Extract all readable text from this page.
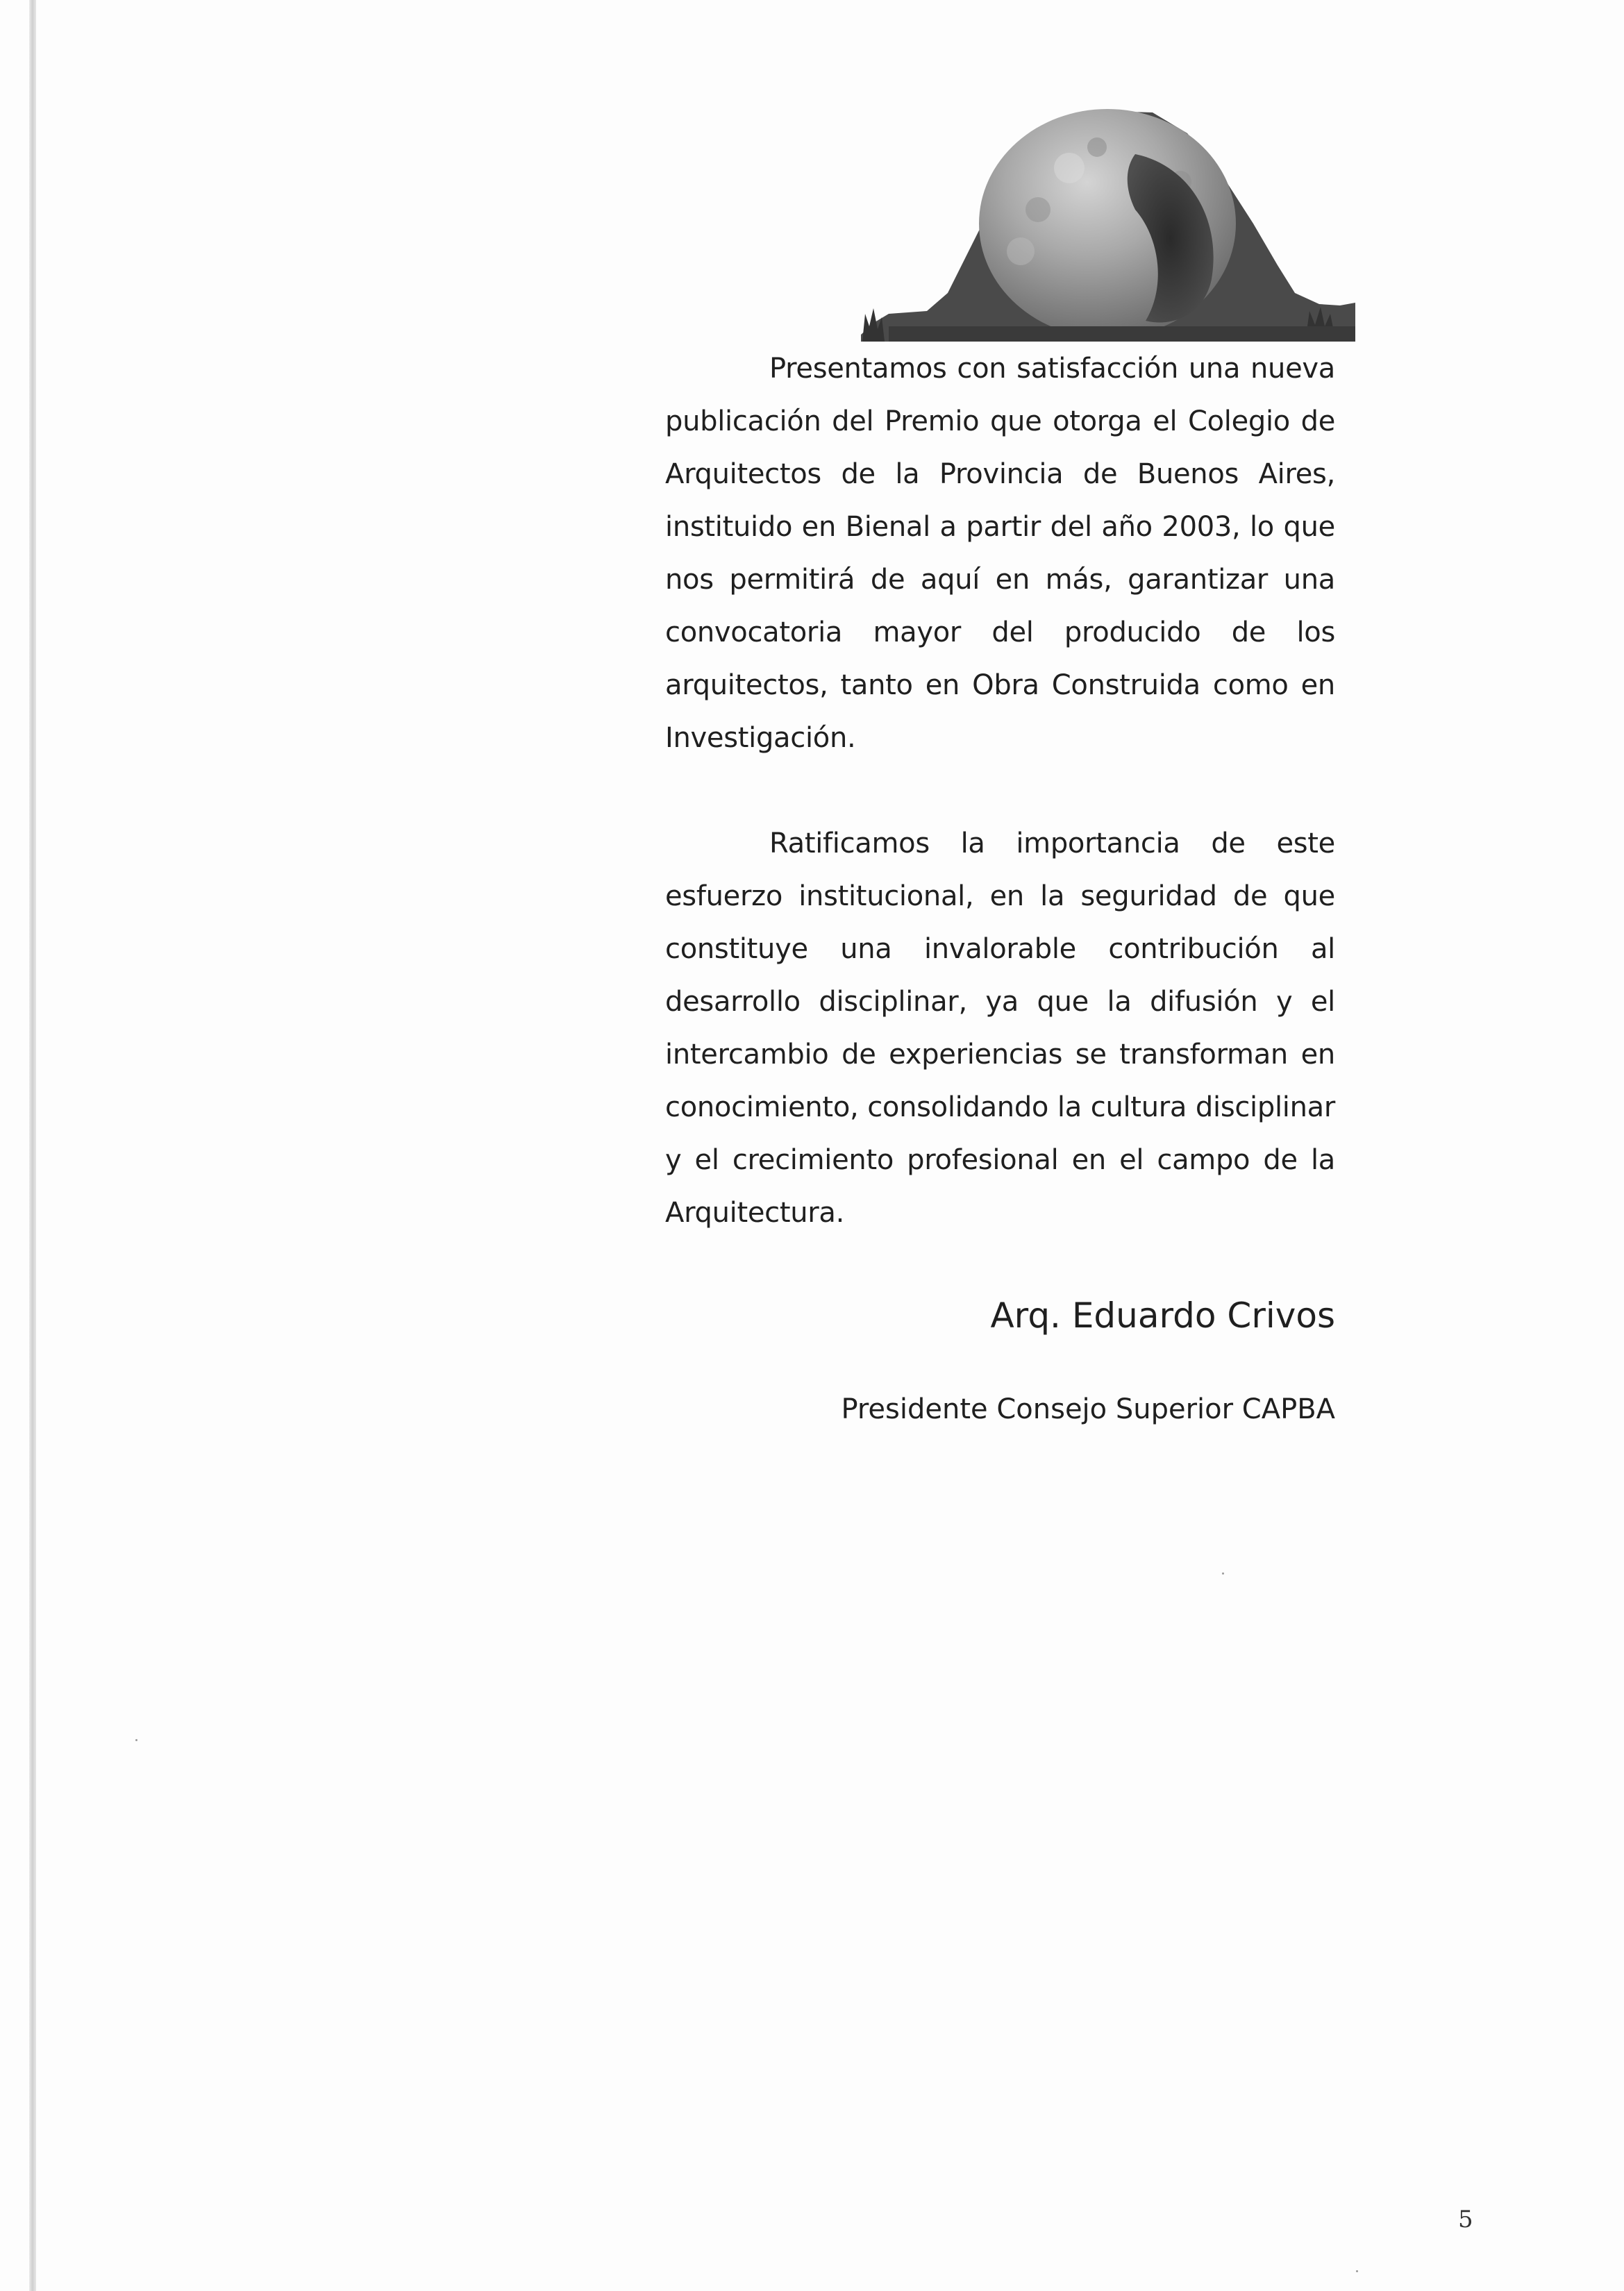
Presentamos con satisfacción una nueva publicación del Premio que otorga el Colegio de Arquitectos de la Provincia de Buenos Aires, instituido en Bienal a partir del año 2003, lo que nos permitirá de aquí en más, garantizar una convocatoria mayor del producido de los arquitectos, tanto en Obra Construida como en Investigación.

Ratificamos la importancia de este esfuerzo institucional, en la seguridad de que constituye una invalorable contribución al desarrollo disciplinar, ya que la difusión y el intercambio de experiencias se transforman en conocimiento, consolidando la cultura disciplinar y el crecimiento profesional en el campo de la Arquitectura.

Arq. Eduardo Crivos
Presidente Consejo Superior CAPBA
5
